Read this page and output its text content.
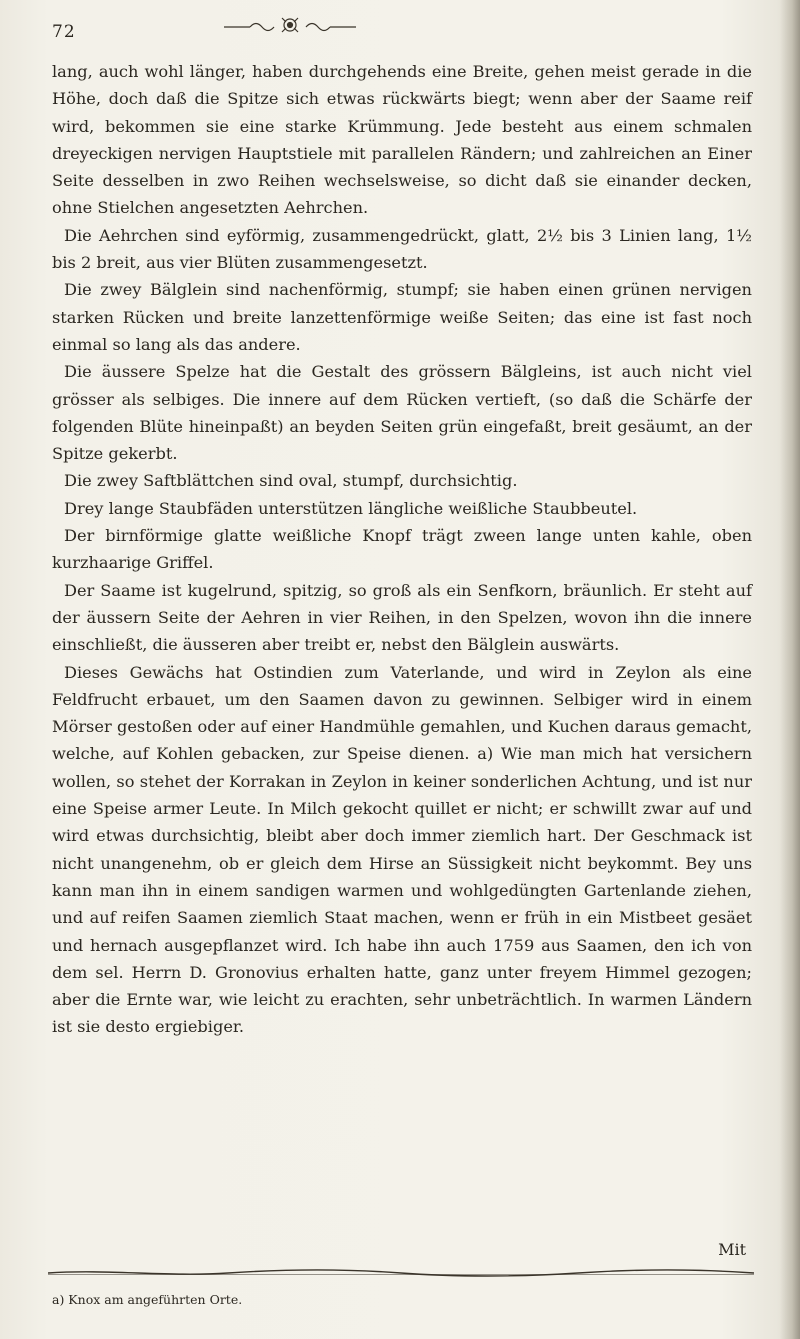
72

lang, auch wohl länger, haben durchgehends eine Breite, gehen meist gerade in die Höhe, doch daß die Spitze sich etwas rückwärts biegt; wenn aber der Saame reif wird, bekommen sie eine starke Krümmung. Jede besteht aus einem schmalen dreyeckigen nervigen Hauptstiele mit parallelen Rändern; und zahlreichen an Einer Seite desselben in zwo Reihen wechselsweise, so dicht daß sie einander decken, ohne Stielchen angesetzten Aehrchen.

Die Aehrchen sind eyförmig, zusammengedrückt, glatt, 2½ bis 3 Linien lang, 1½ bis 2 breit, aus vier Blüten zusammengesetzt.

Die zwey Bälglein sind nachenförmig, stumpf; sie haben einen grünen nervigen starken Rücken und breite lanzettenförmige weiße Seiten; das eine ist fast noch einmal so lang als das andere.

Die äussere Spelze hat die Gestalt des grössern Bälgleins, ist auch nicht viel grösser als selbiges. Die innere auf dem Rücken vertieft, (so daß die Schärfe der folgenden Blüte hineinpaßt) an beyden Seiten grün eingefaßt, breit gesäumt, an der Spitze gekerbt.

Die zwey Saftblättchen sind oval, stumpf, durchsichtig.

Drey lange Staubfäden unterstützen längliche weißliche Staubbeutel.

Der birnförmige glatte weißliche Knopf trägt zween lange unten kahle, oben kurzhaarige Griffel.

Der Saame ist kugelrund, spitzig, so groß als ein Senfkorn, bräunlich. Er steht auf der äussern Seite der Aehren in vier Reihen, in den Spelzen, wovon ihn die innere einschließt, die äusseren aber treibt er, nebst den Bälglein auswärts.

Dieses Gewächs hat Ostindien zum Vaterlande, und wird in Zeylon als eine Feldfrucht erbauet, um den Saamen davon zu gewinnen. Selbiger wird in einem Mörser gestoßen oder auf einer Handmühle gemahlen, und Kuchen daraus gemacht, welche, auf Kohlen gebacken, zur Speise dienen. a) Wie man mich hat versichern wollen, so stehet der Korrakan in Zeylon in keiner sonderlichen Achtung, und ist nur eine Speise armer Leute. In Milch gekocht quillet er nicht; er schwillt zwar auf und wird etwas durchsichtig, bleibt aber doch immer ziemlich hart. Der Geschmack ist nicht unangenehm, ob er gleich dem Hirse an Süssigkeit nicht beykommt. Bey uns kann man ihn in einem sandigen warmen und wohlgedüngten Gartenlande ziehen, und auf reifen Saamen ziemlich Staat machen, wenn er früh in ein Mistbeet gesäet und hernach ausgepflanzet wird. Ich habe ihn auch 1759 aus Saamen, den ich von dem sel. Herrn D. Gronovius erhalten hatte, ganz unter freyem Himmel gezogen; aber die Ernte war, wie leicht zu erachten, sehr unbeträchtlich. In warmen Ländern ist sie desto ergiebiger.

Mit
a) Knox am angeführten Orte.
